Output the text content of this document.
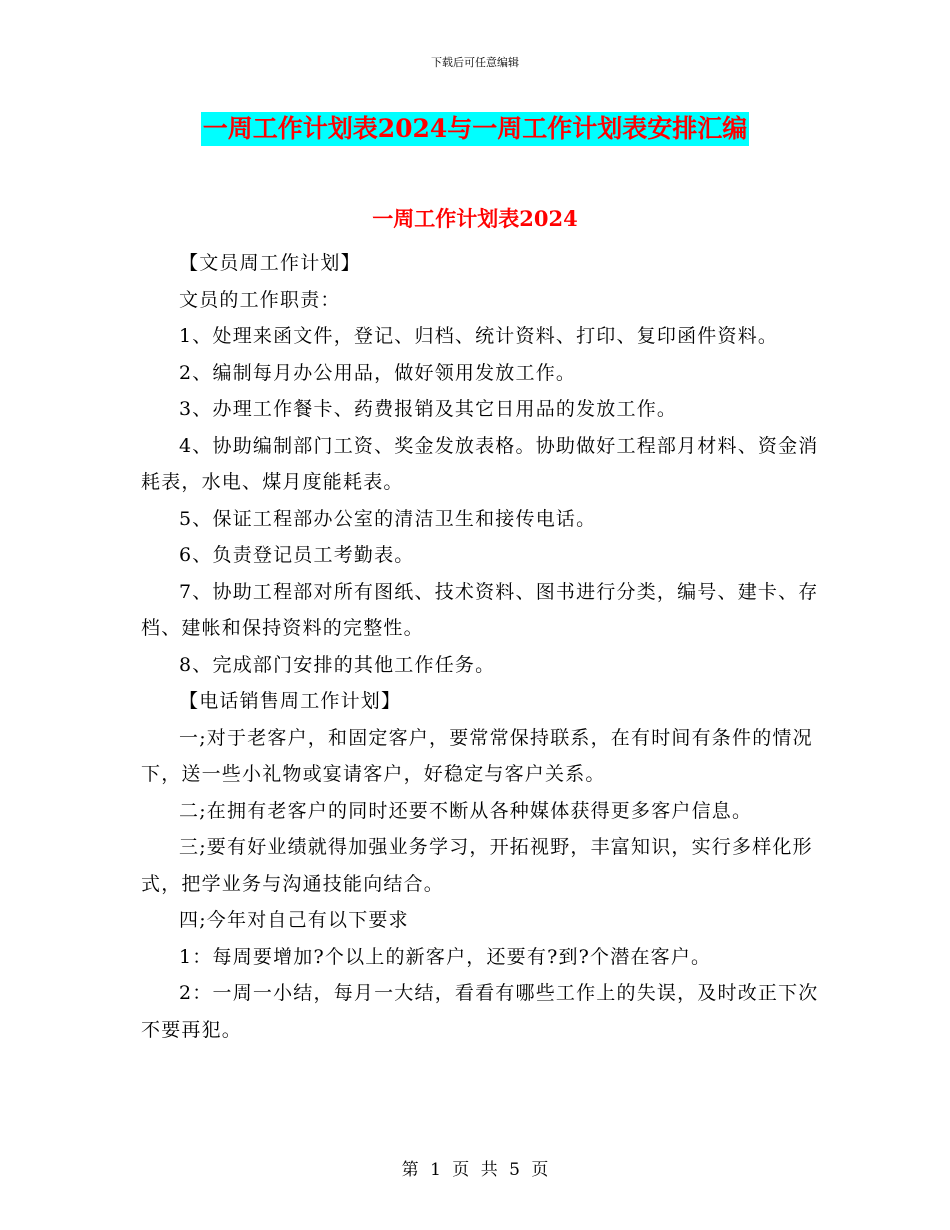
下载后可任意编辑
一周工作计划表2024与一周工作计划表安排汇编
一周工作计划表2024

【文员周工作计划】

文员的工作职责：

1、处理来函文件，登记、归档、统计资料、打印、复印函件资料。

2、编制每月办公用品，做好领用发放工作。

3、办理工作餐卡、药费报销及其它日用品的发放工作。

4、协助编制部门工资、奖金发放表格。协助做好工程部月材料、资金消耗表，水电、煤月度能耗表。

5、保证工程部办公室的清洁卫生和接传电话。

6、负责登记员工考勤表。

7、协助工程部对所有图纸、技术资料、图书进行分类，编号、建卡、存档、建帐和保持资料的完整性。

8、完成部门安排的其他工作任务。

【电话销售周工作计划】

一;对于老客户，和固定客户，要常常保持联系，在有时间有条件的情况下，送一些小礼物或宴请客户，好稳定与客户关系。

二;在拥有老客户的同时还要不断从各种媒体获得更多客户信息。

三;要有好业绩就得加强业务学习，开拓视野，丰富知识，实行多样化形式，把学业务与沟通技能向结合。

四;今年对自己有以下要求

1：每周要增加?个以上的新客户，还要有?到?个潜在客户。

2：一周一小结，每月一大结，看看有哪些工作上的失误，及时改正下次不要再犯。

第 1 页 共 5 页
